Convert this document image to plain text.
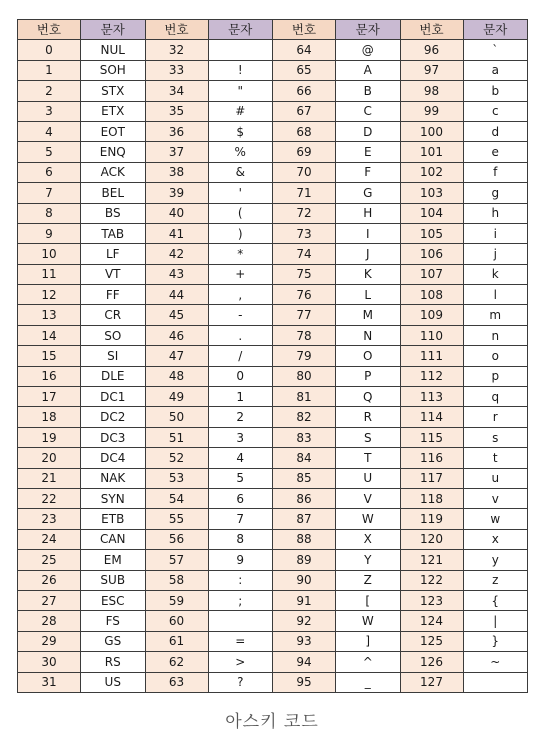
번호	문자	번호	문자	번호	문자	번호	문자
0	NUL	32		64	@	96	`
1	SOH	33	!	65	A	97	a
2	STX	34	"	66	B	98	b
3	ETX	35	#	67	C	99	c
4	EOT	36	$	68	D	100	d
5	ENQ	37	%	69	E	101	e
6	ACK	38	&	70	F	102	f
7	BEL	39	'	71	G	103	g
8	BS	40	(	72	H	104	h
9	TAB	41	)	73	I	105	i
10	LF	42	*	74	J	106	j
11	VT	43	+	75	K	107	k
12	FF	44	,	76	L	108	l
13	CR	45	-	77	M	109	m
14	SO	46	.	78	N	110	n
15	SI	47	/	79	O	111	o
16	DLE	48	0	80	P	112	p
17	DC1	49	1	81	Q	113	q
18	DC2	50	2	82	R	114	r
19	DC3	51	3	83	S	115	s
20	DC4	52	4	84	T	116	t
21	NAK	53	5	85	U	117	u
22	SYN	54	6	86	V	118	v
23	ETB	55	7	87	W	119	w
24	CAN	56	8	88	X	120	x
25	EM	57	9	89	Y	121	y
26	SUB	58	:	90	Z	122	z
27	ESC	59	;	91	[	123	{
28	FS	60		92	W	124	|
29	GS	61	=	93	]	125	}
30	RS	62	>	94	^	126	~
31	US	63	?	95	_	127	
아스키 코드
